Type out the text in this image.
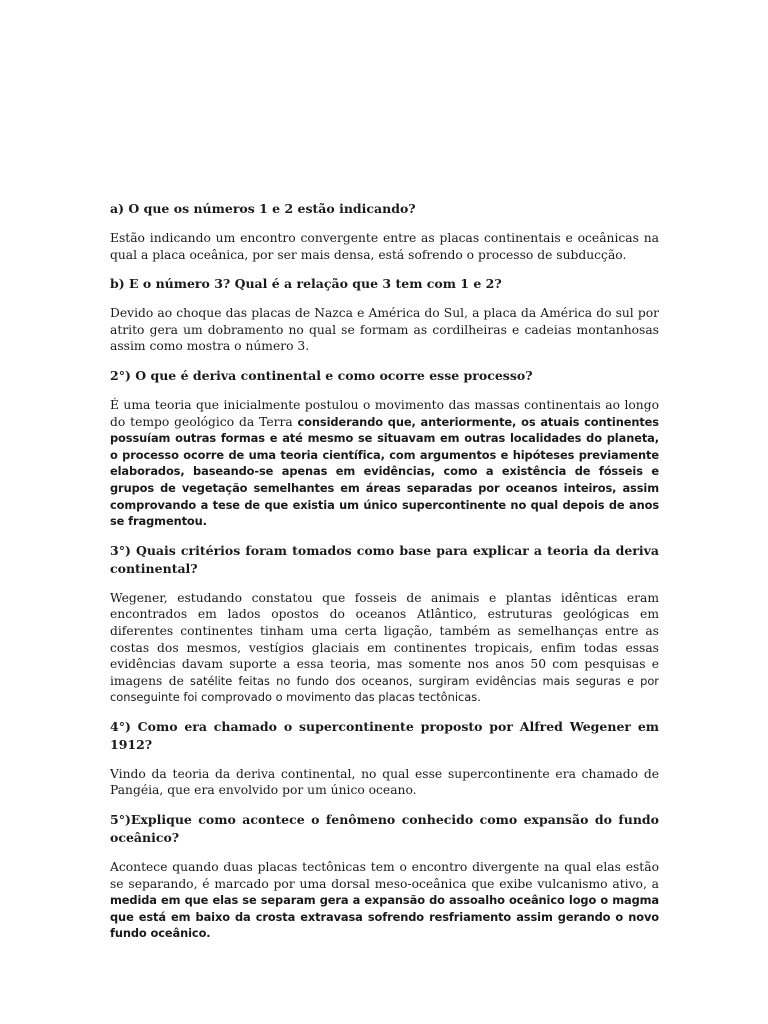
a) O que os números 1 e 2 estão indicando?

Estão indicando um encontro convergente entre as placas continentais e oceânicas na qual a placa oceânica, por ser mais densa, está sofrendo o processo de subducção.

b) E o número 3? Qual é a relação que 3 tem com 1 e 2?

Devido ao choque das placas de Nazca e América do Sul, a placa da América do sul por atrito gera um dobramento no qual se formam as cordilheiras e cadeias montanhosas assim como mostra o número 3.

2°) O que é deriva continental e como ocorre esse processo?

É uma teoria que inicialmente postulou o movimento das massas continentais ao longo do tempo geológico da Terra considerando que, anteriormente, os atuais continentes possuíam outras formas e até mesmo se situavam em outras localidades do planeta, o processo ocorre de uma teoria científica, com argumentos e hipóteses previamente elaborados, baseando-se apenas em evidências, como a existência de fósseis e grupos de vegetação semelhantes em áreas separadas por oceanos inteiros, assim comprovando a tese de que existia um único supercontinente no qual depois de anos se fragmentou.

3°) Quais critérios foram tomados como base para explicar a teoria da deriva continental?

Wegener, estudando constatou que fosseis de animais e plantas idênticas eram encontrados em lados opostos do oceanos Atlântico, estruturas geológicas em diferentes continentes tinham uma certa ligação, também as semelhanças entre as costas dos mesmos, vestígios glaciais em continentes tropicais, enfim todas essas evidências davam suporte a essa teoria, mas somente nos anos 50 com pesquisas e imagens de satélite feitas no fundo dos oceanos, surgiram evidências mais seguras e por conseguinte foi comprovado o movimento das placas tectônicas.

4°) Como era chamado o supercontinente proposto por Alfred Wegener em 1912?

Vindo da teoria da deriva continental, no qual esse supercontinente era chamado de Pangéia, que era envolvido por um único oceano.

5°)Explique como acontece o fenômeno conhecido como expansão do fundo oceânico?

Acontece quando duas placas tectônicas tem o encontro divergente na qual elas estão se separando, é marcado por uma dorsal meso-oceânica que exibe vulcanismo ativo, a medida em que elas se separam gera a expansão do assoalho oceânico logo o magma que está em baixo da crosta extravasa sofrendo resfriamento assim gerando o novo fundo oceânico.
